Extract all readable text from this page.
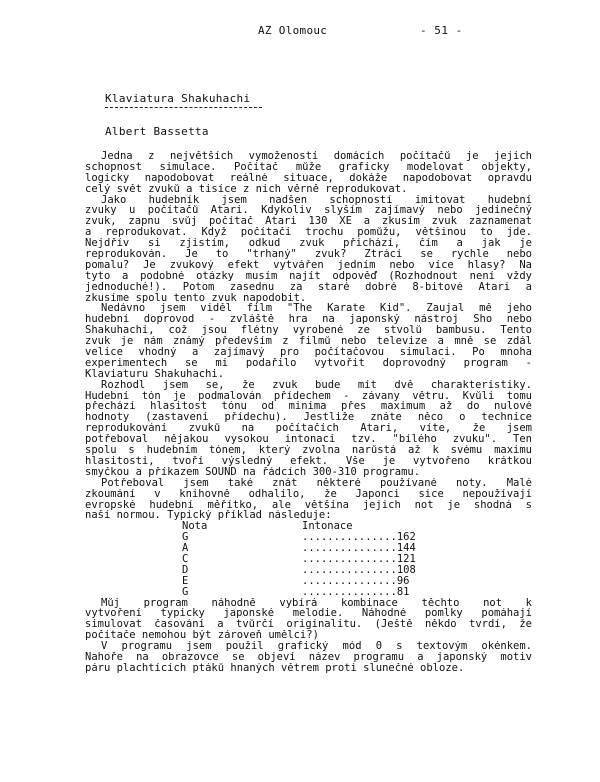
AZ Olomouc	- 51 -
Klaviatura Shakuhachi
Albert Bassetta
Jedna z největších vymožeností domácích počítačů je jejich
schopnost simulace. Počítač může graficky modelovat objekty,
logicky napodobovat reálné situace, dokáže napodobovat opravdu
celý svět zvuků a tisíce z nich věrně reprodukovat.
Jako hudebník jsem nadšen schopností imitovat hudební
zvuky u počítačů Atari. Kdykoliv slyším zajímavý nebo jedinečný
zvuk, zapnu svůj počítač Atari 130 XE a zkusím zvuk zaznamenat
a reprodukovat. Když počítači trochu pomůžu, většinou to jde.
Nejdřív si zjistím, odkud zvuk přichází, čím a jak je
reprodukován. Je to "trhaný" zvuk? Ztrácí se rychle nebo
pomalu? Je zvukový efekt vytvářen jedním nebo více hlasy? Na
tyto a podobné otázky musím najít odpověď (Rozhodnout není vždy
jednoduché!). Potom zasednu za staré dobré 8-bitové Atari a
zkusíme spolu tento zvuk napodobit.
Nedávno jsem viděl film "The Karate Kid". Zaujal mě jeho
hudební doprovod - zvláště hra na japonský nástroj Sho nebo
Shakuhachi, což jsou flétny vyrobené ze stvolů bambusu. Tento
zvuk je nám známý především z filmů nebo televize a mně se zdál
velice vhodný a zajímavý pro počítačovou simulaci. Po mnoha
experimentech se mi podařilo vytvořit doprovodný program -
Klaviaturu Shakuhachi.
Rozhodl jsem se, že zvuk bude mít dvě charakteristiky.
Hudební tón je podmalován přídechem - závany větru. Kvůli tomu
přechází hlasitost tónu od minima přes maximum až do nulové
hodnoty (zastavení přídechu). Jestliže znáte něco o technice
reprodukování zvuků na počítačích Atari, víte, že jsem
potřeboval nějakou vysokou intonaci tzv. "bílého zvuku". Ten
spolu s hudebním tónem, který zvolna narůstá až k svému maximu
hlasitosti, tvoří výsledný efekt. Vše je vytvořeno krátkou
smyčkou a příkazem SOUND na řádcích 300-310 programu.
Potřeboval jsem také znát některé používané noty. Malé
zkoumání v knihovně odhalilo, že Japonci sice nepoužívají
evropské hudební měřítko, ale většina jejich not je shodná s
naší normou. Typický příklad následuje:
Nota	Intonace
G	...............162
A	...............144
C	...............121
D	...............108
E	...............96
G	...............81
Můj program náhodně vybírá kombinace těchto not k
vytvoření typicky japonské melodie. Náhodné pomlky pomáhají
simulovat časování a tvůrčí originalitu. (Ještě někdo tvrdí, že
počítače nemohou být zároveň umělci?)
V programu jsem použil grafický mód 0 s textovým okénkem.
Nahoře na obrazovce se objeví název programu a japonský motiv
páru plachtících ptáků hnaných větrem proti slunečné obloze.
